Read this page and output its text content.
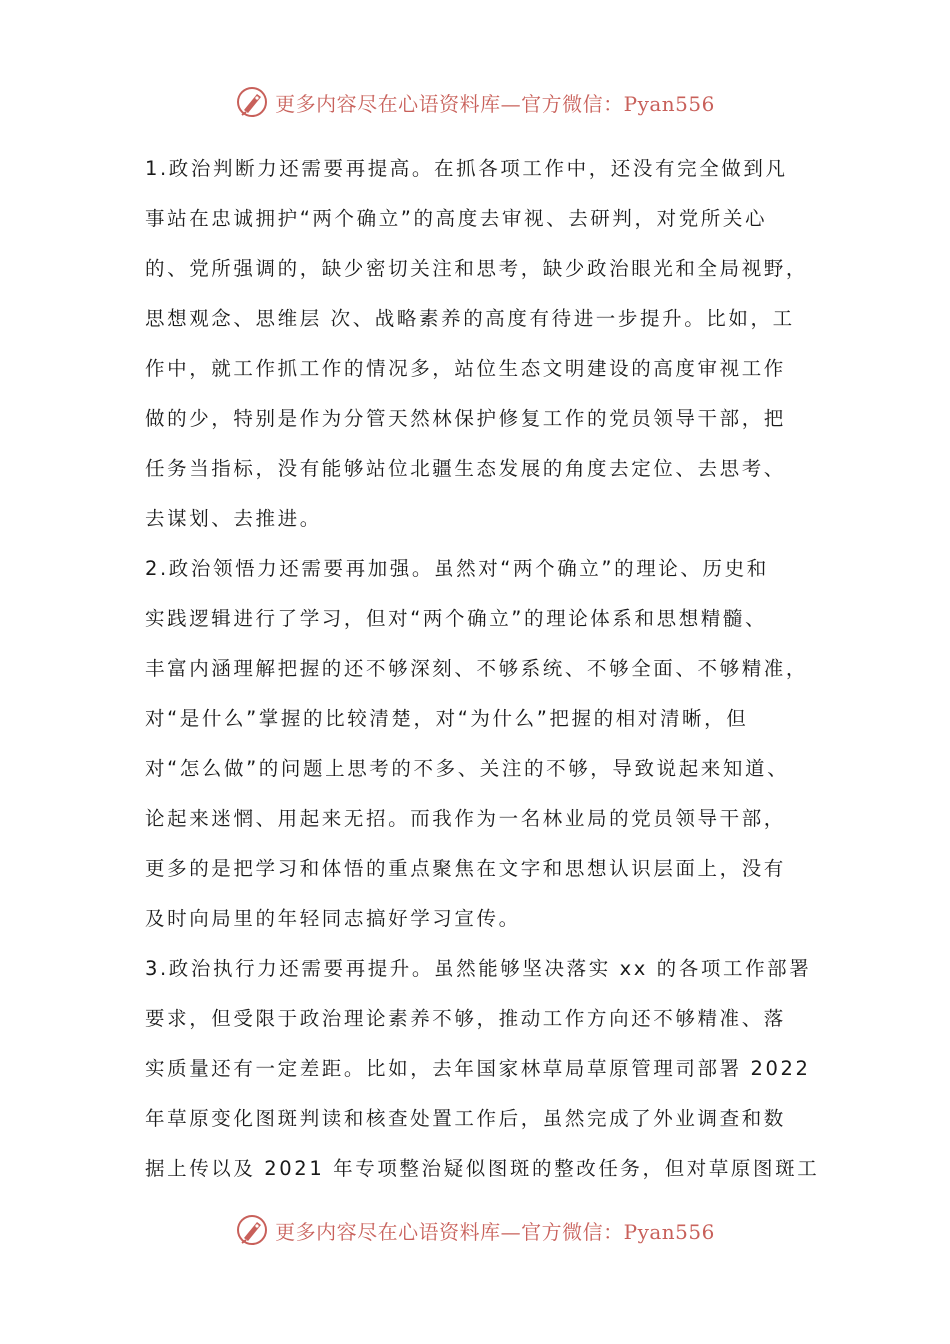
更多内容尽在心语资料库—官方微信：Pyan556

1.政治判断力还需要再提高。在抓各项工作中，还没有完全做到凡
事站在忠诚拥护“两个确立”的高度去审视、去研判，对党所关心
的、党所强调的，缺少密切关注和思考，缺少政治眼光和全局视野，
思想观念、思维层 次、战略素养的高度有待进一步提升。比如，工
作中，就工作抓工作的情况多，站位生态文明建设的高度审视工作
做的少，特别是作为分管天然林保护修复工作的党员领导干部，把
任务当指标，没有能够站位北疆生态发展的角度去定位、去思考、
去谋划、去推进。

2.政治领悟力还需要再加强。虽然对“两个确立”的理论、历史和
实践逻辑进行了学习，但对“两个确立”的理论体系和思想精髓、
丰富内涵理解把握的还不够深刻、不够系统、不够全面、不够精准，
对“是什么”掌握的比较清楚，对“为什么”把握的相对清晰，但
对“怎么做”的问题上思考的不多、关注的不够，导致说起来知道、
论起来迷惘、用起来无招。而我作为一名林业局的党员领导干部，
更多的是把学习和体悟的重点聚焦在文字和思想认识层面上，没有
及时向局里的年轻同志搞好学习宣传。

3.政治执行力还需要再提升。虽然能够坚决落实 xx 的各项工作部署
要求，但受限于政治理论素养不够，推动工作方向还不够精准、落
实质量还有一定差距。比如，去年国家林草局草原管理司部署 2022
年草原变化图斑判读和核查处置工作后，虽然完成了外业调查和数
据上传以及 2021 年专项整治疑似图斑的整改任务，但对草原图斑工

更多内容尽在心语资料库—官方微信：Pyan556
